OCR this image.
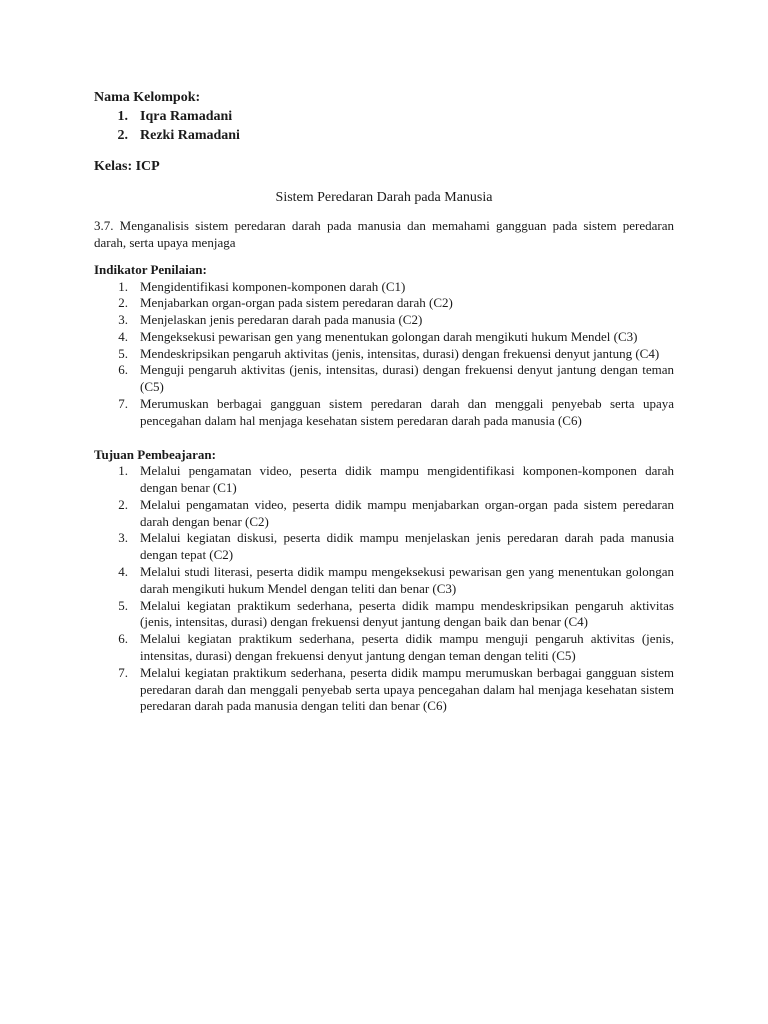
Nama Kelompok:
1. Iqra Ramadani
2. Rezki Ramadani
Kelas: ICP
Sistem Peredaran Darah pada Manusia

3.7. Menganalisis sistem peredaran darah pada manusia dan memahami gangguan pada sistem peredaran darah, serta upaya menjaga

Indikator Penilaian:

1. Mengidentifikasi komponen-komponen darah (C1)
2. Menjabarkan organ-organ pada sistem peredaran darah (C2)
3. Menjelaskan jenis peredaran darah pada manusia (C2)
4. Mengeksekusi pewarisan gen yang menentukan golongan darah mengikuti hukum Mendel (C3)
5. Mendeskripsikan pengaruh aktivitas (jenis, intensitas, durasi) dengan frekuensi denyut jantung (C4)
6. Menguji pengaruh aktivitas (jenis, intensitas, durasi) dengan frekuensi denyut jantung dengan teman (C5)
7. Merumuskan berbagai gangguan sistem peredaran darah dan menggali penyebab serta upaya pencegahan dalam hal menjaga kesehatan sistem peredaran darah pada manusia (C6)

Tujuan Pembeajaran:

1. Melalui pengamatan video, peserta didik mampu mengidentifikasi komponen-komponen darah dengan benar (C1)
2. Melalui pengamatan video, peserta didik mampu menjabarkan organ-organ pada sistem peredaran darah dengan benar (C2)
3. Melalui kegiatan diskusi, peserta didik mampu menjelaskan jenis peredaran darah pada manusia dengan tepat (C2)
4. Melalui studi literasi, peserta didik mampu mengeksekusi pewarisan gen yang menentukan golongan darah mengikuti hukum Mendel dengan teliti dan benar (C3)
5. Melalui kegiatan praktikum sederhana, peserta didik mampu mendeskripsikan pengaruh aktivitas (jenis, intensitas, durasi) dengan frekuensi denyut jantung dengan baik dan benar (C4)
6. Melalui kegiatan praktikum sederhana, peserta didik mampu menguji pengaruh aktivitas (jenis, intensitas, durasi) dengan frekuensi denyut jantung dengan teman dengan teliti (C5)
7. Melalui kegiatan praktikum sederhana, peserta didik mampu merumuskan berbagai gangguan sistem peredaran darah dan menggali penyebab serta upaya pencegahan dalam hal menjaga kesehatan sistem peredaran darah pada manusia dengan teliti dan benar (C6)
